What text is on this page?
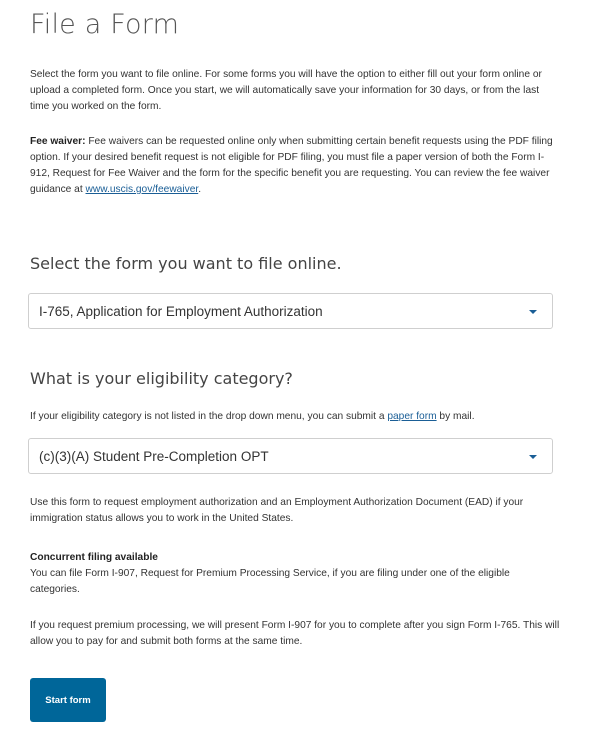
File a Form

Select the form you want to file online. For some forms you will have the option to either fill out your form online or upload a completed form. Once you start, we will automatically save your information for 30 days, or from the last time you worked on the form.

Fee waiver: Fee waivers can be requested online only when submitting certain benefit requests using the PDF filing option. If your desired benefit request is not eligible for PDF filing, you must file a paper version of both the Form I-912, Request for Fee Waiver and the form for the specific benefit you are requesting. You can review the fee waiver guidance at www.uscis.gov/feewaiver.

Select the form you want to file online.
I-765, Application for Employment Authorization
What is your eligibility category?

If your eligibility category is not listed in the drop down menu, you can submit a paper form by mail.

(c)(3)(A) Student Pre-Completion OPT

Use this form to request employment authorization and an Employment Authorization Document (EAD) if your immigration status allows you to work in the United States.

Concurrent filing available
You can file Form I-907, Request for Premium Processing Service, if you are filing under one of the eligible categories.

If you request premium processing, we will present Form I-907 for you to complete after you sign Form I-765. This will allow you to pay for and submit both forms at the same time.

Start form
